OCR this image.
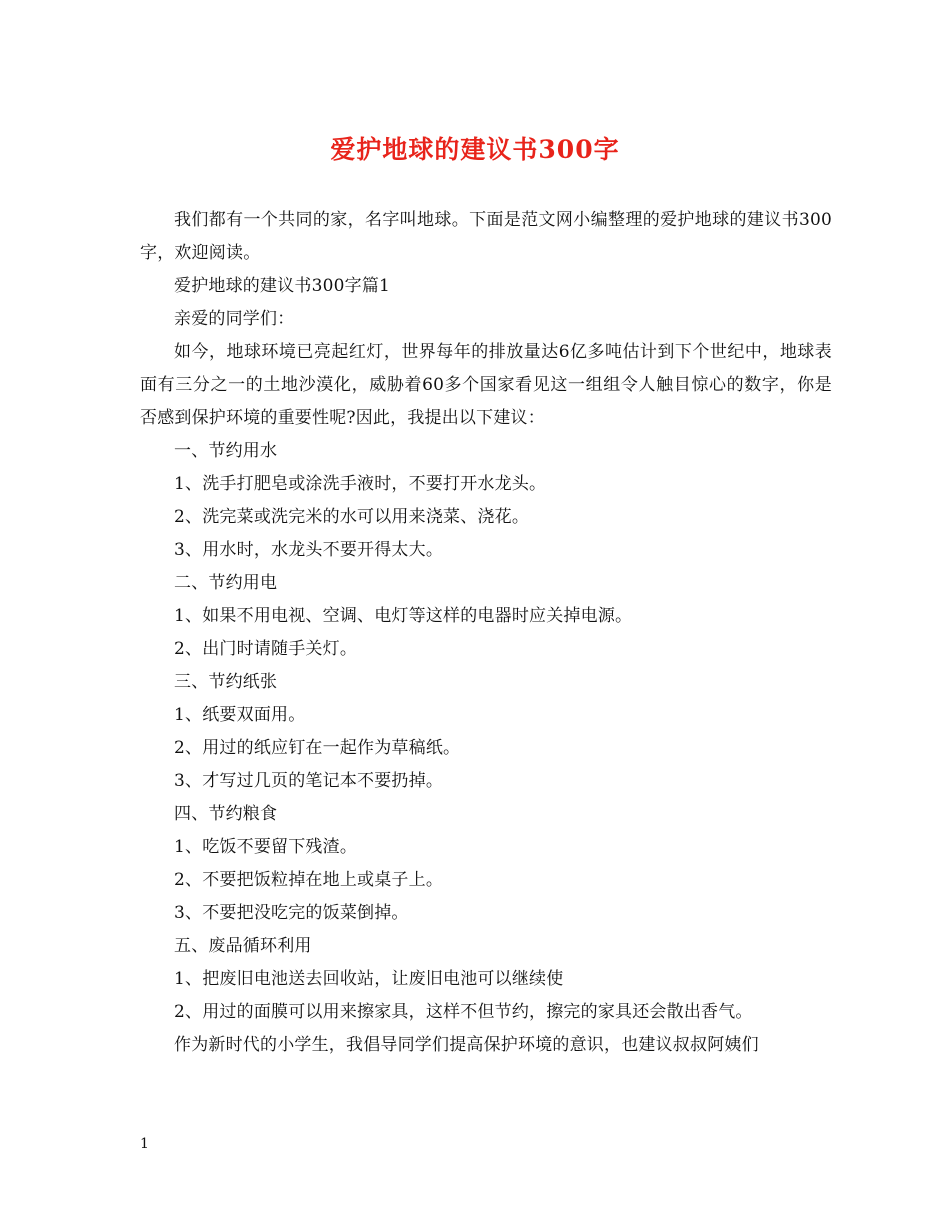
爱护地球的建议书300字

我们都有一个共同的家，名字叫地球。下面是范文网小编整理的爱护地球的建议书300字，欢迎阅读。

爱护地球的建议书300字篇1

亲爱的同学们：

如今，地球环境已亮起红灯，世界每年的排放量达6亿多吨估计到下个世纪中，地球表面有三分之一的土地沙漠化，威胁着60多个国家看见这一组组令人触目惊心的数字，你是否感到保护环境的重要性呢?因此，我提出以下建议：

一、节约用水

1、洗手打肥皂或涂洗手液时，不要打开水龙头。

2、洗完菜或洗完米的水可以用来浇菜、浇花。

3、用水时，水龙头不要开得太大。

二、节约用电

1、如果不用电视、空调、电灯等这样的电器时应关掉电源。

2、出门时请随手关灯。

三、节约纸张

1、纸要双面用。

2、用过的纸应钉在一起作为草稿纸。

3、才写过几页的笔记本不要扔掉。

四、节约粮食

1、吃饭不要留下残渣。

2、不要把饭粒掉在地上或桌子上。

3、不要把没吃完的饭菜倒掉。

五、废品循环利用

1、把废旧电池送去回收站，让废旧电池可以继续使

2、用过的面膜可以用来擦家具，这样不但节约，擦完的家具还会散出香气。

作为新时代的小学生，我倡导同学们提高保护环境的意识，也建议叔叔阿姨们

1
